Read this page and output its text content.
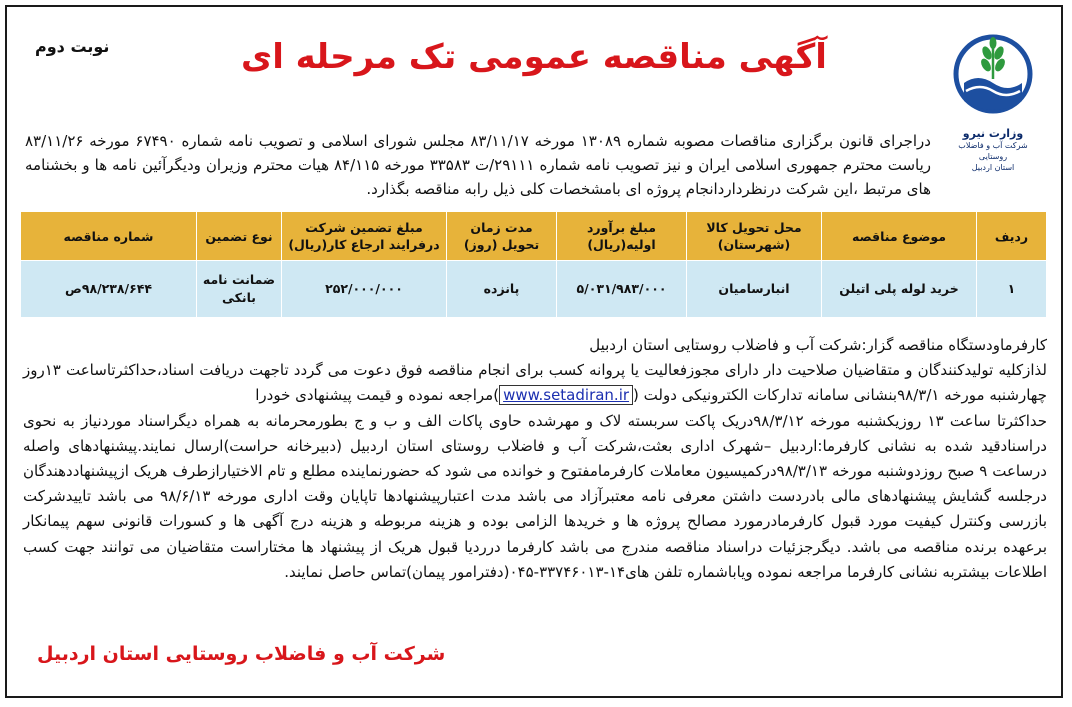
وزارت نیرو
شرکت آب و فاضلاب روستایی
استان اردبیل
نوبت دوم	آگهی مناقصه عمومی تک مرحله ای
دراجرای قانون برگزاری مناقصات مصوبه شماره ۱۳۰۸۹ مورخه ۸۳/۱۱/۱۷ مجلس شورای اسلامی و تصویب نامه شماره ۶۷۴۹۰ مورخه ۸۳/۱۱/۲۶ ریاست محترم جمهوری اسلامی ایران و نیز تصویب نامه شماره ۲۹۱۱۱/ت ۳۳۵۸۳ مورخه ۸۴/۱۱۵ هیات محترم وزیران ودیگرآئین نامه ها و بخشنامه های مرتبط ،این شرکت درنظرداردانجام پروژه ای بامشخصات کلی ذیل رابه مناقصه بگذارد.
ردیف	موضوع مناقصه	محل تحویل کالا (شهرستان)	مبلغ برآورد اولیه(ریال)	مدت زمان تحویل (روز)	مبلغ تضمین شرکت درفرایند ارجاع کار(ریال)	نوع تضمین	شماره مناقصه
۱	خرید لوله پلی اتیلن	انبارسامیان	۵/۰۳۱/۹۸۳/۰۰۰	پانزده	۲۵۲/۰۰۰/۰۰۰	ضمانت نامه بانکی	۹۸/۲۳۸/۶۴۴ص

کارفرماودستگاه مناقصه گزار:شرکت آب و فاضلاب روستایی استان اردبیل

لذازکلیه تولیدکنندگان و متقاضیان صلاحیت دار دارای مجوزفعالیت یا پروانه کسب برای انجام مناقصه فوق دعوت می گردد تاجهت دریافت اسناد،حداکثرتاساعت ۱۳روز چهارشنبه مورخه ۹۸/۳/۱بنشانی سامانه تدارکات الکترونیکی دولت (www.setadiran.ir)مراجعه نموده و قیمت پیشنهادی خودرا

حداکثرتا ساعت ۱۳ روزیکشنبه مورخه ۹۸/۳/۱۲دریک پاکت سربسته لاک و مهرشده حاوی پاکات الف و ب و ج بطورمحرمانه به همراه دیگراسناد موردنیاز به نحوی دراسنادقید شده به نشانی کارفرما:اردبیل –شهرک اداری بعثت،شرکت آب و فاضلاب روستای استان اردبیل (دبیرخانه حراست)ارسال نمایند.پیشنهادهای واصله درساعت ۹ صبح روزدوشنبه مورخه ۹۸/۳/۱۳درکمیسیون معاملات کارفرمامفتوح و خوانده می شود که حضورنماینده مطلع و تام الاختیارازطرف هریک ازپیشنهاددهندگان درجلسه گشایش پیشنهادهای مالی بادردست داشتن معرفی نامه معتبرآزاد می باشد مدت اعتبارپیشنهادها تاپایان وقت اداری مورخه ۹۸/۶/۱۳ می باشد تاییدشرکت بازرسی وکنترل کیفیت مورد قبول کارفرمادرمورد مصالح پروژه ها و خریدها الزامی بوده و هزینه مربوطه و هزینه درج آگهی ها و کسورات قانونی سهم پیمانکار برعهده برنده مناقصه می باشد. دیگرجزئیات دراسناد مناقصه مندرج می باشد کارفرما درردیا قبول هریک از پیشنهاد ها مختاراست متقاضیان می توانند جهت کسب اطلاعات بیشتربه نشانی کارفرما مراجعه نموده ویاباشماره تلفن های۱۴-۳۳۷۴۶۰۱۳-۰۴۵(دفترامور پیمان)تماس حاصل نمایند.

شرکت آب و فاضلاب روستایی استان اردبیل
